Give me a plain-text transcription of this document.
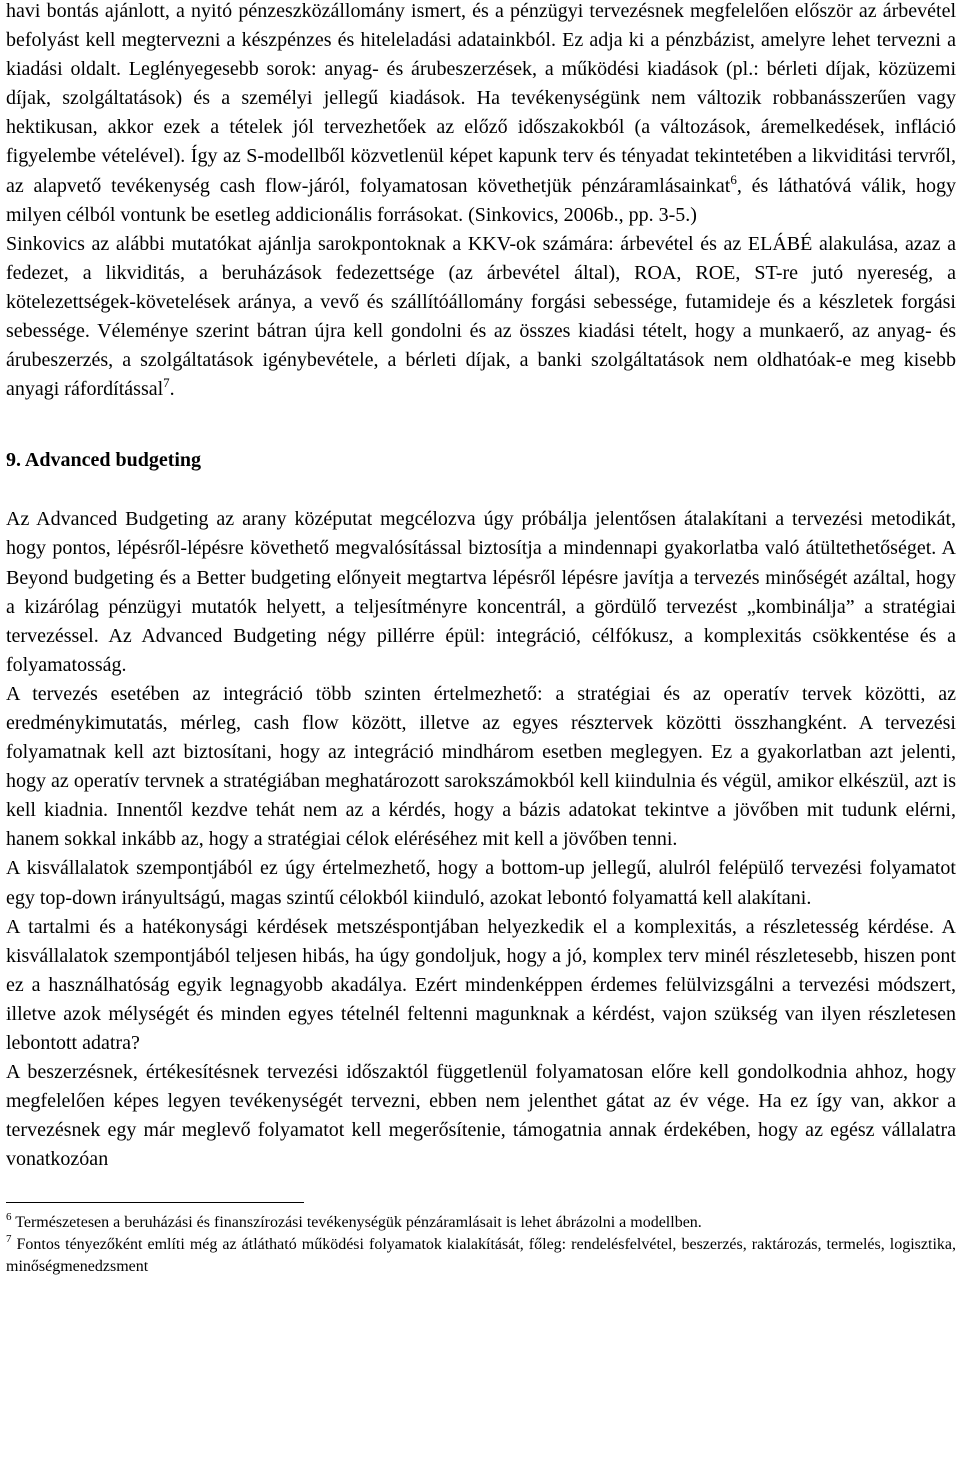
havi bontás ajánlott, a nyitó pénzeszközállomány ismert, és a pénzügyi tervezésnek megfelelően először az árbevétel befolyást kell megtervezni a készpénzes és hiteleladási adatainkból. Ez adja ki a pénzbázist, amelyre lehet tervezni a kiadási oldalt. Leglényegesebb sorok: anyag- és árubeszerzések, a működési kiadások (pl.: bérleti díjak, közüzemi díjak, szolgáltatások) és a személyi jellegű kiadások. Ha tevékenységünk nem változik robbanásszerűen vagy hektikusan, akkor ezek a tételek jól tervezhetőek az előző időszakokból (a változások, áremelkedések, infláció figyelembe vételével). Így az S-modellből közvetlenül képet kapunk terv és tényadat tekintetében a likviditási tervről, az alapvető tevékenység cash flow-járól, folyamatosan követhetjük pénzáramlásainkat$^6$, és láthatóvá válik, hogy milyen célból vontunk be esetleg addicionális forrásokat. (Sinkovics, 2006b., pp. 3-5.)

Sinkovics az alábbi mutatókat ajánlja sarokpontoknak a KKV-ok számára: árbevétel és az ELÁBÉ alakulása, azaz a fedezet, a likviditás, a beruházások fedezettsége (az árbevétel által), ROA, ROE, ST-re jutó nyereség, a kötelezettségek-követelések aránya, a vevő és szállítóállomány forgási sebessége, futamideje és a készletek forgási sebessége. Véleménye szerint bátran újra kell gondolni és az összes kiadási tételt, hogy a munkaerő, az anyag- és árubeszerzés, a szolgáltatások igénybevétele, a bérleti díjak, a banki szolgáltatások nem oldhatóak-e meg kisebb anyagi ráfordítással$^7$.

9. Advanced budgeting

Az Advanced Budgeting az arany középutat megcélozva úgy próbálja jelentősen átalakítani a tervezési metodikát, hogy pontos, lépésről-lépésre követhető megvalósítással biztosítja a mindennapi gyakorlatba való átültethetőséget. A Beyond budgeting és a Better budgeting előnyeit megtartva lépésről lépésre javítja a tervezés minőségét azáltal, hogy a kizárólag pénzügyi mutatók helyett, a teljesítményre koncentrál, a gördülő tervezést „kombinálja” a stratégiai tervezéssel. Az Advanced Budgeting négy pillérre épül: integráció, célfókusz, a komplexitás csökkentése és a folyamatosság.

A tervezés esetében az integráció több szinten értelmezhető: a stratégiai és az operatív tervek közötti, az eredménykimutatás, mérleg, cash flow között, illetve az egyes résztervek közötti összhangként. A tervezési folyamatnak kell azt biztosítani, hogy az integráció mindhárom esetben meglegyen. Ez a gyakorlatban azt jelenti, hogy az operatív tervnek a stratégiában meghatározott sarokszámokból kell kiindulnia és végül, amikor elkészül, azt is kell kiadnia. Innentől kezdve tehát nem az a kérdés, hogy a bázis adatokat tekintve a jövőben mit tudunk elérni, hanem sokkal inkább az, hogy a stratégiai célok eléréséhez mit kell a jövőben tenni.

A kisvállalatok szempontjából ez úgy értelmezhető, hogy a bottom-up jellegű, alulról felépülő tervezési folyamatot egy top-down irányultságú, magas szintű célokból kiinduló, azokat lebontó folyamattá kell alakítani.

A tartalmi és a hatékonysági kérdések metszéspontjában helyezkedik el a komplexitás, a részletesség kérdése. A kisvállalatok szempontjából teljesen hibás, ha úgy gondoljuk, hogy a jó, komplex terv minél részletesebb, hiszen pont ez a használhatóság egyik legnagyobb akadálya. Ezért mindenképpen érdemes felülvizsgálni a tervezési módszert, illetve azok mélységét és minden egyes tételnél feltenni magunknak a kérdést, vajon szükség van ilyen részletesen lebontott adatra?

A beszerzésnek, értékesítésnek tervezési időszaktól függetlenül folyamatosan előre kell gondolkodnia ahhoz, hogy megfelelően képes legyen tevékenységét tervezni, ebben nem jelenthet gátat az év vége. Ha ez így van, akkor a tervezésnek egy már meglevő folyamatot kell megerősítenie, támogatnia annak érdekében, hogy az egész vállalatra vonatkozóan

$^6$ Természetesen a beruházási és finanszírozási tevékenységük pénzáramlásait is lehet ábrázolni a modellben.

$^7$ Fontos tényezőként említi még az átlátható működési folyamatok kialakítását, főleg: rendelésfelvétel, beszerzés, raktározás, termelés, logisztika, minőségmenedzsment
